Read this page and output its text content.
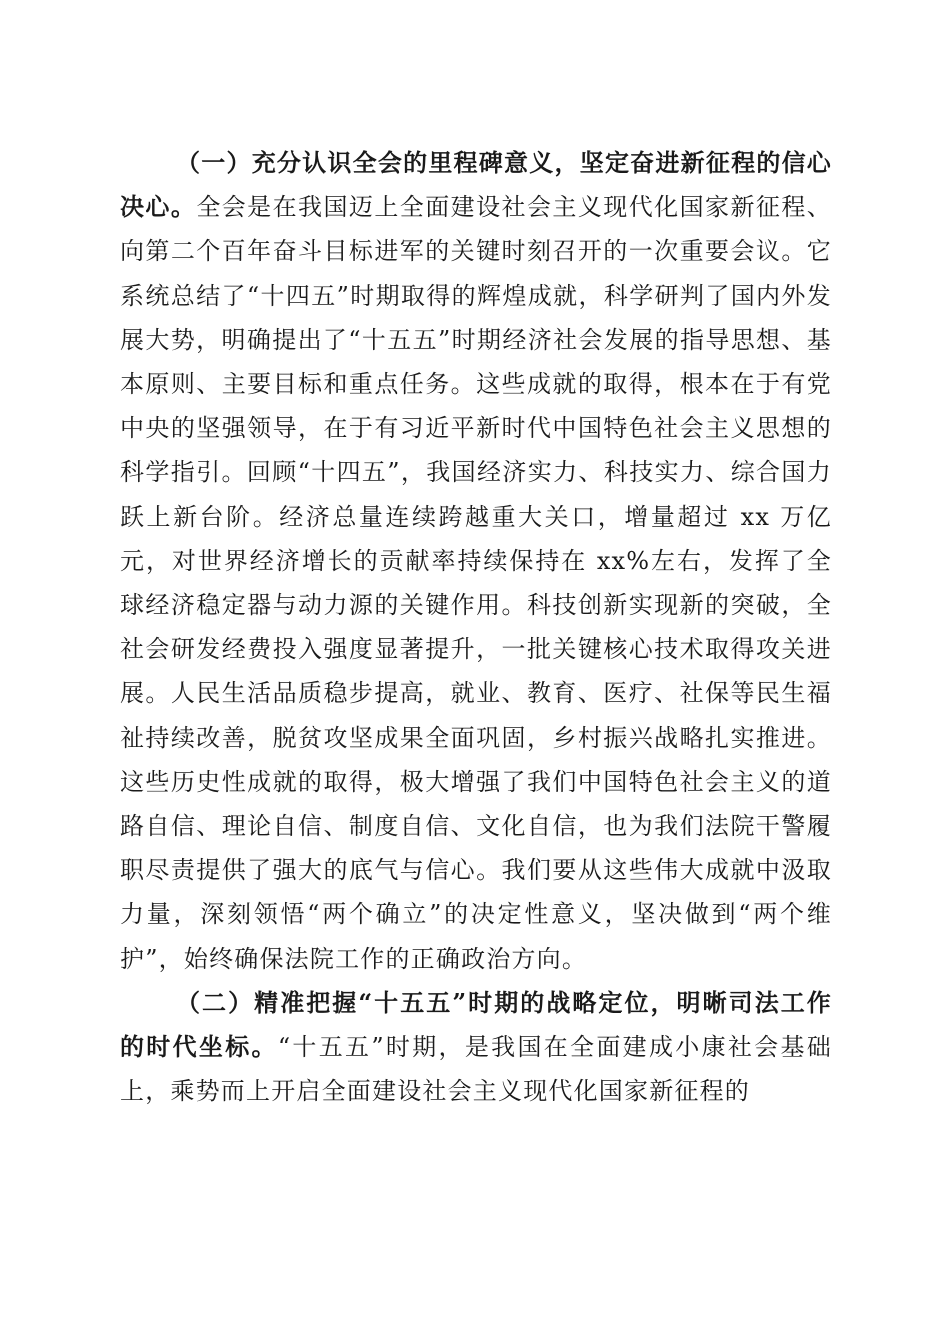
（一）充分认识全会的里程碑意义，坚定奋进新征程的信心决心。全会是在我国迈上全面建设社会主义现代化国家新征程、向第二个百年奋斗目标进军的关键时刻召开的一次重要会议。它系统总结了“十四五”时期取得的辉煌成就，科学研判了国内外发展大势，明确提出了“十五五”时期经济社会发展的指导思想、基本原则、主要目标和重点任务。这些成就的取得，根本在于有党中央的坚强领导，在于有习近平新时代中国特色社会主义思想的科学指引。回顾“十四五”，我国经济实力、科技实力、综合国力跃上新台阶。经济总量连续跨越重大关口，增量超过 xx 万亿元，对世界经济增长的贡献率持续保持在 xx%左右，发挥了全球经济稳定器与动力源的关键作用。科技创新实现新的突破，全社会研发经费投入强度显著提升，一批关键核心技术取得攻关进展。人民生活品质稳步提高，就业、教育、医疗、社保等民生福祉持续改善，脱贫攻坚成果全面巩固，乡村振兴战略扎实推进。这些历史性成就的取得，极大增强了我们中国特色社会主义的道路自信、理论自信、制度自信、文化自信，也为我们法院干警履职尽责提供了强大的底气与信心。我们要从这些伟大成就中汲取力量，深刻领悟“两个确立”的决定性意义，坚决做到“两个维护”，始终确保法院工作的正确政治方向。

（二）精准把握“十五五”时期的战略定位，明晰司法工作的时代坐标。“十五五”时期，是我国在全面建成小康社会基础上，乘势而上开启全面建设社会主义现代化国家新征程的
